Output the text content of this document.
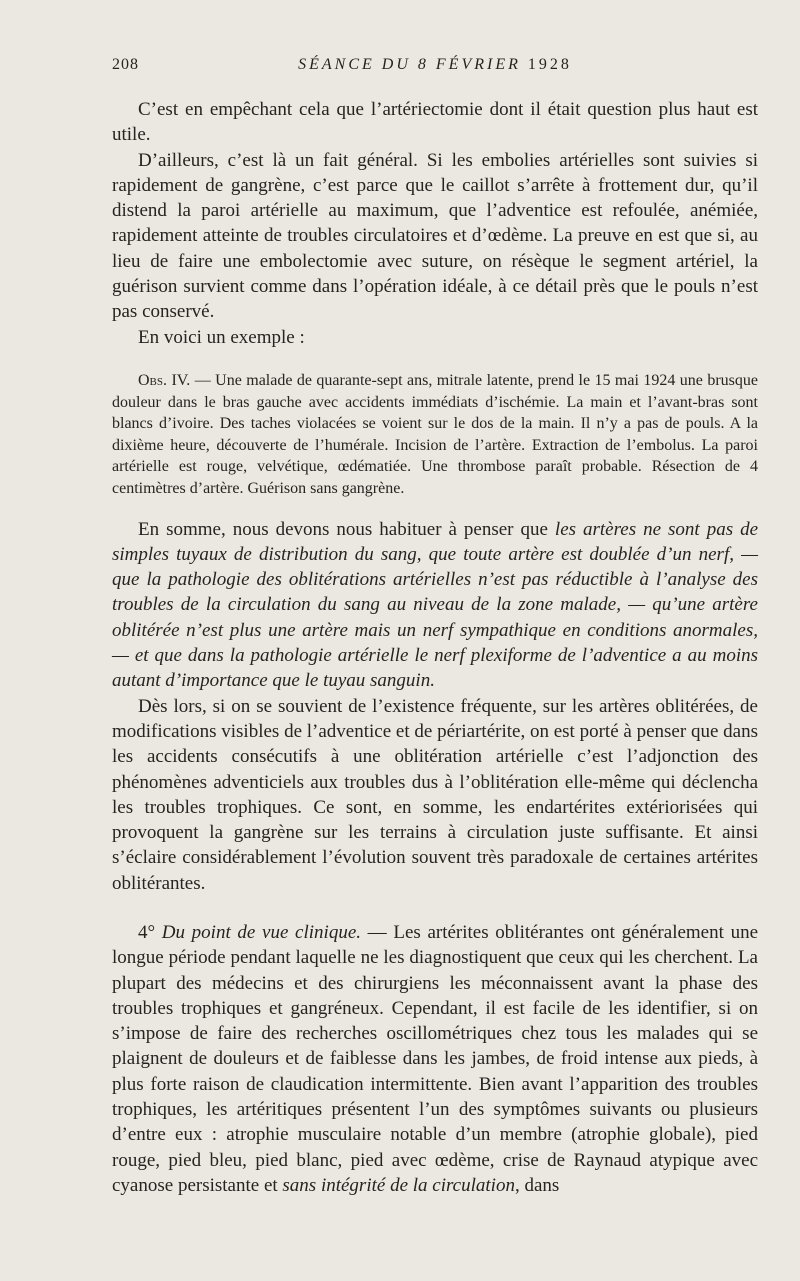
208	SÉANCE DU 8 FÉVRIER 1928

C’est en empêchant cela que l’artériectomie dont il était question plus haut est utile.

D’ailleurs, c’est là un fait général. Si les embolies artérielles sont suivies si rapidement de gangrène, c’est parce que le caillot s’arrête à frottement dur, qu’il distend la paroi artérielle au maximum, que l’adventice est refoulée, anémiée, rapidement atteinte de troubles circulatoires et d’œdème. La preuve en est que si, au lieu de faire une embolectomie avec suture, on résèque le segment artériel, la guérison survient comme dans l’opération idéale, à ce détail près que le pouls n’est pas conservé.

En voici un exemple :

Obs. IV. — Une malade de quarante-sept ans, mitrale latente, prend le 15 mai 1924 une brusque douleur dans le bras gauche avec accidents immédiats d’ischémie. La main et l’avant-bras sont blancs d’ivoire. Des taches violacées se voient sur le dos de la main. Il n’y a pas de pouls. A la dixième heure, découverte de l’humérale. Incision de l’artère. Extraction de l’embolus. La paroi artérielle est rouge, velvétique, œdématiée. Une thrombose paraît probable. Résection de 4 centimètres d’artère. Guérison sans gangrène.

En somme, nous devons nous habituer à penser que les artères ne sont pas de simples tuyaux de distribution du sang, que toute artère est doublée d’un nerf, — que la pathologie des oblitérations artérielles n’est pas réductible à l’analyse des troubles de la circulation du sang au niveau de la zone malade, — qu’une artère oblitérée n’est plus une artère mais un nerf sympathique en conditions anormales, — et que dans la pathologie artérielle le nerf plexiforme de l’adventice a au moins autant d’importance que le tuyau sanguin.

Dès lors, si on se souvient de l’existence fréquente, sur les artères oblitérées, de modifications visibles de l’adventice et de périartérite, on est porté à penser que dans les accidents consécutifs à une oblitération artérielle c’est l’adjonction des phénomènes adventiciels aux troubles dus à l’oblitération elle-même qui déclencha les troubles trophiques. Ce sont, en somme, les endartérites extériorisées qui provoquent la gangrène sur les terrains à circulation juste suffisante. Et ainsi s’éclaire considérablement l’évolution souvent très paradoxale de certaines artérites oblitérantes.

4° Du point de vue clinique. — Les artérites oblitérantes ont généralement une longue période pendant laquelle ne les diagnostiquent que ceux qui les cherchent. La plupart des médecins et des chirurgiens les méconnaissent avant la phase des troubles trophiques et gangréneux. Cependant, il est facile de les identifier, si on s’impose de faire des recherches oscillométriques chez tous les malades qui se plaignent de douleurs et de faiblesse dans les jambes, de froid intense aux pieds, à plus forte raison de claudication intermittente. Bien avant l’apparition des troubles trophiques, les artéritiques présentent l’un des symptômes suivants ou plusieurs d’entre eux : atrophie musculaire notable d’un membre (atrophie globale), pied rouge, pied bleu, pied blanc, pied avec œdème, crise de Raynaud atypique avec cyanose persistante et sans intégrité de la circulation, dans
